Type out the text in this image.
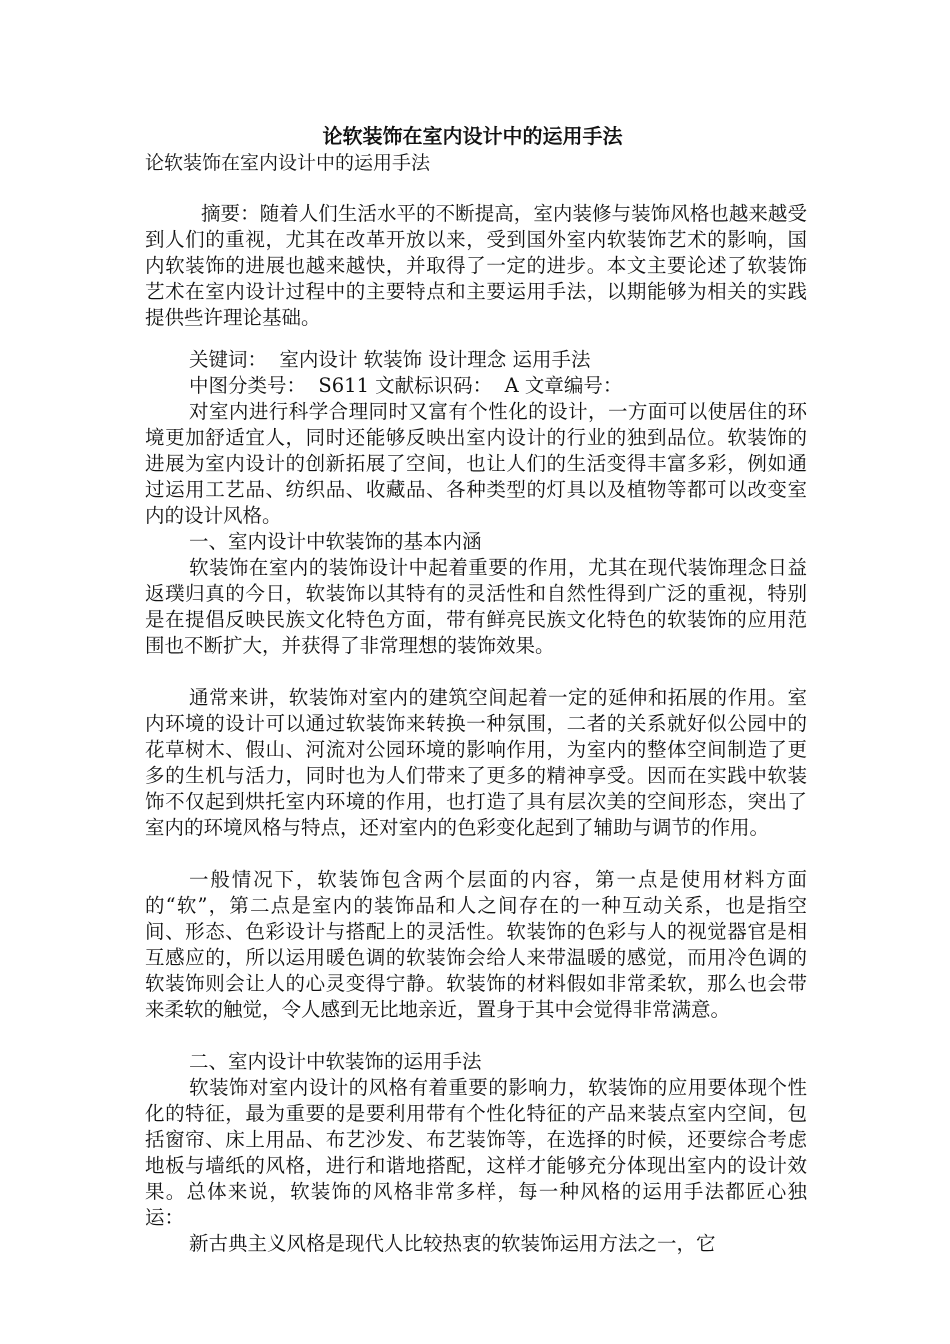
论软装饰在室内设计中的运用手法
论软装饰在室内设计中的运用手法

摘要：随着人们生活水平的不断提高，室内装修与装饰风格也越来越受到人们的重视，尤其在改革开放以来，受到国外室内软装饰艺术的影响，国内软装饰的进展也越来越快，并取得了一定的进步。本文主要论述了软装饰艺术在室内设计过程中的主要特点和主要运用手法，以期能够为相关的实践提供些许理论基础。

关键词：  室内设计 软装饰 设计理念 运用手法

中图分类号：  S611 文献标识码：  A 文章编号：

对室内进行科学合理同时又富有个性化的设计，一方面可以使居住的环境更加舒适宜人，同时还能够反映出室内设计的行业的独到品位。软装饰的进展为室内设计的创新拓展了空间，也让人们的生活变得丰富多彩，例如通过运用工艺品、纺织品、收藏品、各种类型的灯具以及植物等都可以改变室内的设计风格。

一、室内设计中软装饰的基本内涵

软装饰在室内的装饰设计中起着重要的作用，尤其在现代装饰理念日益返璞归真的今日，软装饰以其特有的灵活性和自然性得到广泛的重视，特别是在提倡反映民族文化特色方面，带有鲜亮民族文化特色的软装饰的应用范围也不断扩大，并获得了非常理想的装饰效果。

通常来讲，软装饰对室内的建筑空间起着一定的延伸和拓展的作用。室内环境的设计可以通过软装饰来转换一种氛围，二者的关系就好似公园中的花草树木、假山、河流对公园环境的影响作用，为室内的整体空间制造了更多的生机与活力，同时也为人们带来了更多的精神享受。因而在实践中软装饰不仅起到烘托室内环境的作用，也打造了具有层次美的空间形态，突出了室内的环境风格与特点，还对室内的色彩变化起到了辅助与调节的作用。

一般情况下，软装饰包含两个层面的内容，第一点是使用材料方面的“软”，第二点是室内的装饰品和人之间存在的一种互动关系，也是指空间、形态、色彩设计与搭配上的灵活性。软装饰的色彩与人的视觉器官是相互感应的，所以运用暖色调的软装饰会给人来带温暖的感觉，而用冷色调的软装饰则会让人的心灵变得宁静。软装饰的材料假如非常柔软，那么也会带来柔软的触觉，令人感到无比地亲近，置身于其中会觉得非常满意。

二、室内设计中软装饰的运用手法

软装饰对室内设计的风格有着重要的影响力，软装饰的应用要体现个性化的特征，最为重要的是要利用带有个性化特征的产品来装点室内空间，包括窗帘、床上用品、布艺沙发、布艺装饰等，在选择的时候，还要综合考虑地板与墙纸的风格，进行和谐地搭配，这样才能够充分体现出室内的设计效果。总体来说，软装饰的风格非常多样，每一种风格的运用手法都匠心独运：

新古典主义风格是现代人比较热衷的软装饰运用方法之一，它
